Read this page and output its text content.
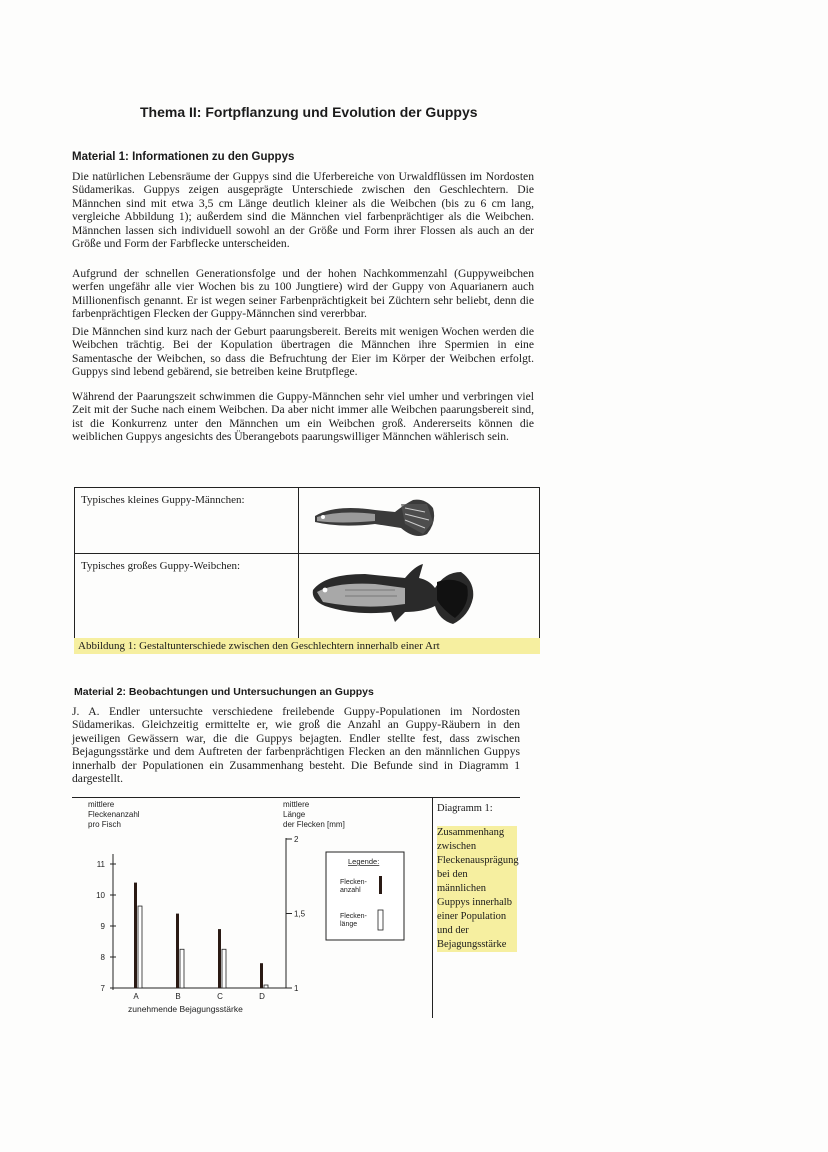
Thema II: Fortpflanzung und Evolution der Guppys
Material 1: Informationen zu den Guppys
Die natürlichen Lebensräume der Guppys sind die Uferbereiche von Urwaldflüssen im Nordosten Südamerikas. Guppys zeigen ausgeprägte Unterschiede zwischen den Geschlechtern. Die Männchen sind mit etwa 3,5 cm Länge deutlich kleiner als die Weibchen (bis zu 6 cm lang, vergleiche Abbildung 1); außerdem sind die Männchen viel farbenprächtiger als die Weibchen. Männchen lassen sich individuell sowohl an der Größe und Form ihrer Flossen als auch an der Größe und Form der Farbflecke unterscheiden.
Aufgrund der schnellen Generationsfolge und der hohen Nachkommenzahl (Guppyweibchen werfen ungefähr alle vier Wochen bis zu 100 Jungtiere) wird der Guppy von Aquarianern auch Millionenfisch genannt. Er ist wegen seiner Farbenprächtigkeit bei Züchtern sehr beliebt, denn die farbenprächtigen Flecken der Guppy-Männchen sind vererbbar.
Die Männchen sind kurz nach der Geburt paarungsbereit. Bereits mit wenigen Wochen werden die Weibchen trächtig. Bei der Kopulation übertragen die Männchen ihre Spermien in eine Samentasche der Weibchen, so dass die Befruchtung der Eier im Körper der Weibchen erfolgt. Guppys sind lebend gebärend, sie betreiben keine Brutpflege.
Während der Paarungszeit schwimmen die Guppy-Männchen sehr viel umher und verbringen viel Zeit mit der Suche nach einem Weibchen. Da aber nicht immer alle Weibchen paarungsbereit sind, ist die Konkurrenz unter den Männchen um ein Weibchen groß. Andererseits können die weiblichen Guppys angesichts des Überangebots paarungswilliger Männchen wählerisch sein.
Typisches kleines Guppy-Männchen:	
Typisches großes Guppy-Weibchen:	
Abbildung 1: Gestaltunterschiede zwischen den Geschlechtern innerhalb einer Art
Material 2: Beobachtungen und Untersuchungen an Guppys
J. A. Endler untersuchte verschiedene freilebende Guppy-Populationen im Nordosten Südamerikas. Gleichzeitig ermittelte er, wie groß die Anzahl an Guppy-Räubern in den jeweiligen Gewässern war, die die Guppys bejagten. Endler stellte fest, dass zwischen Bejagungsstärke und dem Auftreten der farbenprächtigen Flecken an den männlichen Guppys innerhalb der Populationen ein Zusammenhang besteht. Die Befunde sind in Diagramm 1 dargestellt.
mittlere
Fleckenanzahl
pro Fisch
mittlere
Länge
der Flecken [mm]
11
10
9
8
7
2
1,5
1
A	B	C	D
zunehmende Bejagungsstärke
Legende:
Flecken-
anzahl
Flecken-
länge
Diagramm 1:
Zusammenhang zwischen Fleckenausprägung bei den männlichen Guppys innerhalb einer Population und der Bejagungsstärke
